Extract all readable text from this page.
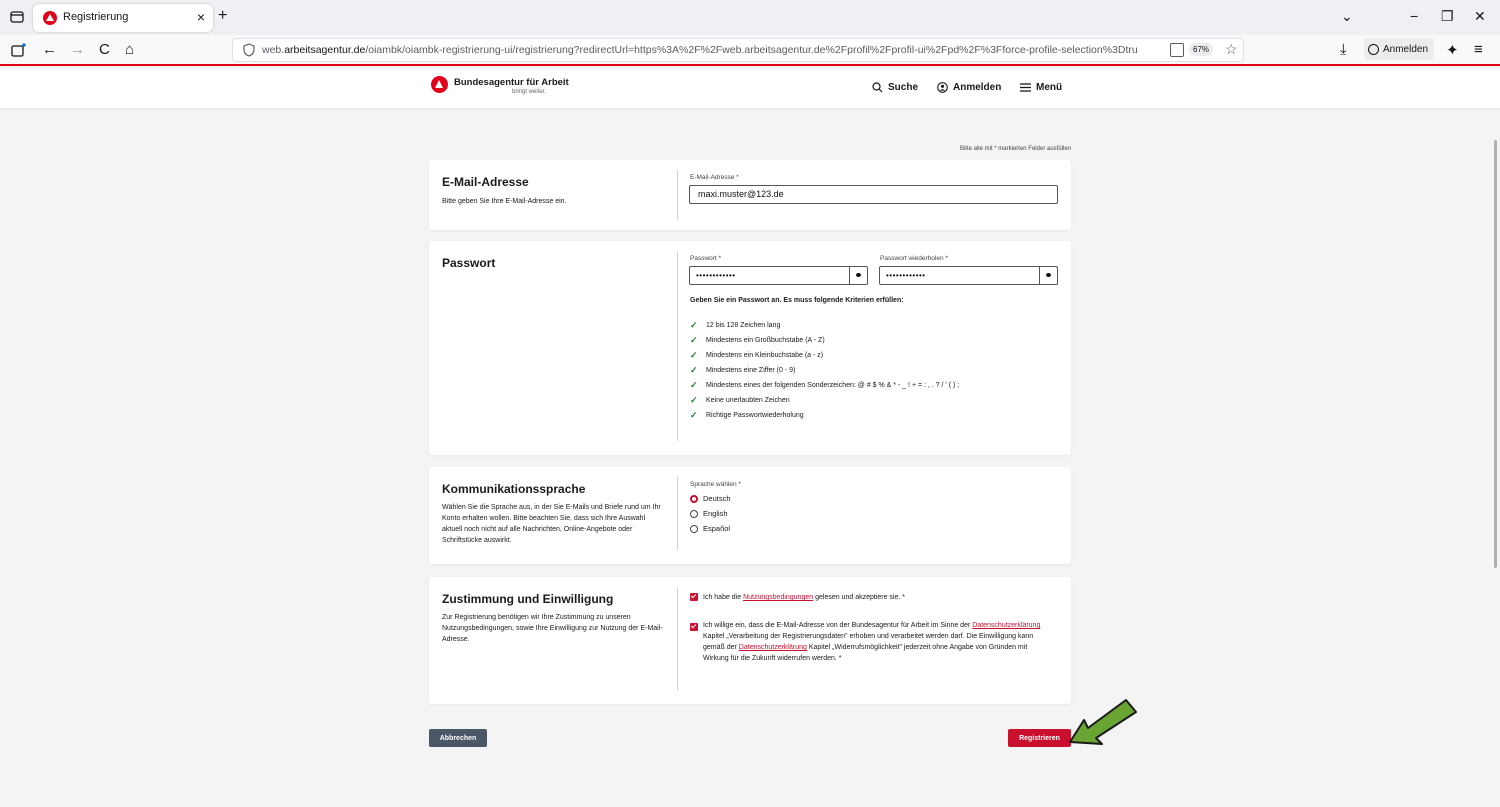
Registrierung	× +	⌄	− ❐ ✕
← → C ⌂	web.arbeitsagentur.de/oiambk/oiambk-registrierung-ui/registrierung?redirectUrl=https%3A%2F%2Fweb.arbeitsagentur.de%2Fprofil%2Fprofil-ui%2Fpd%2F%3Fforce-profile-selection%3Dtru	67% ☆	⤓	Anmelden ✦ ≡
Bundesagentur für Arbeit
bringt weiter.	Suche	Anmelden	Menü
Bitte alle mit * markierten Felder ausfüllen
E-Mail-Adresse
Bitte geben Sie Ihre E-Mail-Adresse ein.
E-Mail-Adresse *
maxi.muster@123.de
Passwort	Passwort *
••••••••••••
Passwort wiederholen *
••••••••••••
Geben Sie ein Passwort an. Es muss folgende Kriterien erfüllen:
✓	12 bis 128 Zeichen lang
✓	Mindestens ein Großbuchstabe (A - Z)
✓	Mindestens ein Kleinbuchstabe (a - z)
✓	Mindestens eine Ziffer (0 - 9)
✓	Mindestens eines der folgenden Sonderzeichen: @ # $ % & * - _ ! + = : , . ? / ' ( ) ;
✓	Keine unerlaubten Zeichen
✓	Richtige Passwortwiederholung
Kommunikationssprache
Wählen Sie die Sprache aus, in der Sie E-Mails und Briefe rund um Ihr Konto erhalten wollen. Bitte beachten Sie, dass sich Ihre Auswahl aktuell noch nicht auf alle Nachrichten, Online-Angebote oder Schriftstücke auswirkt.
Sprache wählen *
Deutsch
English
Español
Zustimmung und Einwilligung
Zur Registrierung benötigen wir Ihre Zustimmung zu unseren Nutzungsbedingungen, sowie Ihre Einwilligung zur Nutzung der E-Mail-Adresse.
Ich habe die Nutzungsbedingungen gelesen und akzeptiere sie. *
Ich willige ein, dass die E-Mail-Adresse von der Bundesagentur für Arbeit im Sinne der Datenschutzerklärung Kapitel „Verarbeitung der Registrierungsdaten" erhoben und verarbeitet werden darf. Die Einwilligung kann gemäß der Datenschutzerklärung Kapitel „Widerrufsmöglichkeit" jederzeit ohne Angabe von Gründen mit Wirkung für die Zukunft widerrufen werden. *
Abbrechen	Registrieren
